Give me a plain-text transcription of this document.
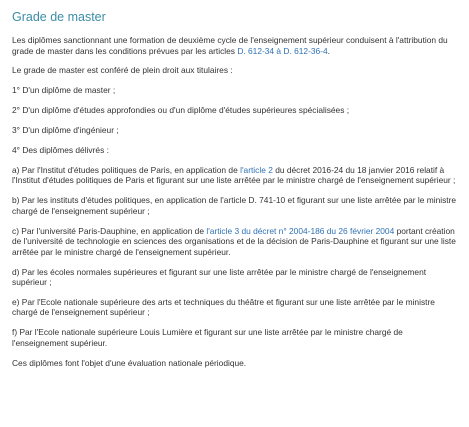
Grade de master

Les diplômes sanctionnant une formation de deuxième cycle de l'enseignement supérieur conduisent à l'attribution du grade de master dans les conditions prévues par les articles D. 612-34 à D. 612-36-4.

Le grade de master est conféré de plein droit aux titulaires :

1° D'un diplôme de master ;

2° D'un diplôme d'études approfondies ou d'un diplôme d'études supérieures spécialisées ;

3° D'un diplôme d'ingénieur ;

4° Des diplômes délivrés :

a) Par l'Institut d'études politiques de Paris, en application de l'article 2 du décret 2016-24 du 18 janvier 2016 relatif à l'Institut d'études politiques de Paris et figurant sur une liste arrêtée par le ministre chargé de l'enseignement supérieur ;

b) Par les instituts d'études politiques, en application de l'article D. 741-10 et figurant sur une liste arrêtée par le ministre chargé de l'enseignement supérieur ;

c) Par l'université Paris-Dauphine, en application de l'article 3 du décret n° 2004-186 du 26 février 2004 portant création de l'université de technologie en sciences des organisations et de la décision de Paris-Dauphine et figurant sur une liste arrêtée par le ministre chargé de l'enseignement supérieur.

d) Par les écoles normales supérieures et figurant sur une liste arrêtée par le ministre chargé de l'enseignement supérieur ;

e) Par l'Ecole nationale supérieure des arts et techniques du théâtre et figurant sur une liste arrêtée par le ministre chargé de l'enseignement supérieur ;

f) Par l'Ecole nationale supérieure Louis Lumière et figurant sur une liste arrêtée par le ministre chargé de l'enseignement supérieur.

Ces diplômes font l'objet d'une évaluation nationale périodique.
